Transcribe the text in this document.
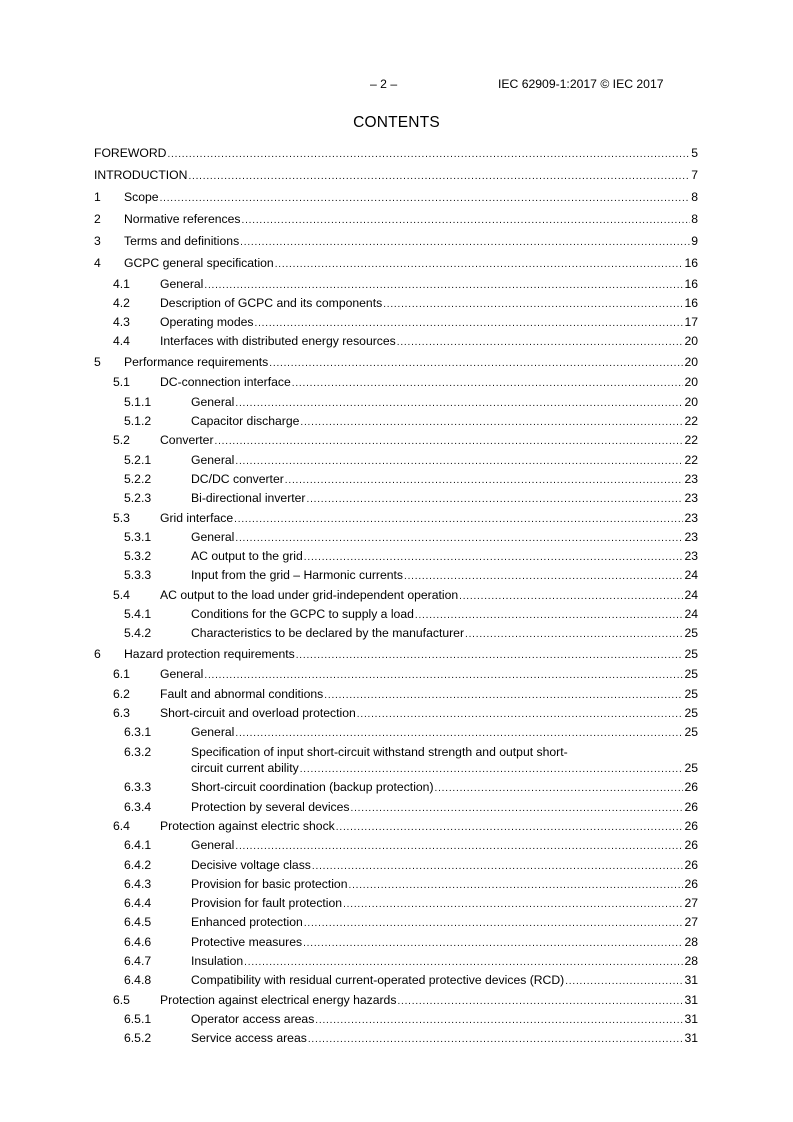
– 2 –	IEC 62909-1:2017 © IEC 2017
CONTENTS
FOREWORD .....	5
INTRODUCTION .....	7
1 Scope .....	8
2 Normative references .....	8
3 Terms and definitions .....	9
4 GCPC general specification .....	16
4.1 General .....	16
4.2 Description of GCPC and its components .....	16
4.3 Operating modes .....	17
4.4 Interfaces with distributed energy resources .....	20
5 Performance requirements .....	20
5.1 DC-connection interface .....	20
5.1.1	General .....	20
5.1.2	Capacitor discharge .....	22
5.2 Converter .....	22
5.2.1	General .....	22
5.2.2	DC/DC converter .....	23
5.2.3	Bi-directional inverter .....	23
5.3 Grid interface .....	23
5.3.1	General .....	23
5.3.2	AC output to the grid .....	23
5.3.3	Input from the grid – Harmonic currents .....	24
5.4 AC output to the load under grid-independent operation .....	24
5.4.1	Conditions for the GCPC to supply a load .....	24
5.4.2	Characteristics to be declared by the manufacturer .....	25
6 Hazard protection requirements .....	25
6.1 General .....	25
6.2 Fault and abnormal conditions .....	25
6.3 Short-circuit and overload protection .....	25
6.3.1	General .....	25
6.3.2	Specification of input short-circuit withstand strength and output short-
circuit current ability .....	25
6.3.3	Short-circuit coordination (backup protection) .....	26
6.3.4	Protection by several devices .....	26
6.4 Protection against electric shock .....	26
6.4.1	General .....	26
6.4.2	Decisive voltage class .....	26
6.4.3	Provision for basic protection .....	26
6.4.4	Provision for fault protection .....	27
6.4.5	Enhanced protection .....	27
6.4.6	Protective measures .....	28
6.4.7	Insulation .....	28
6.4.8	Compatibility with residual current-operated protective devices (RCD) .....	31
6.5 Protection against electrical energy hazards .....	31
6.5.1	Operator access areas .....	31
6.5.2	Service access areas .....	31
